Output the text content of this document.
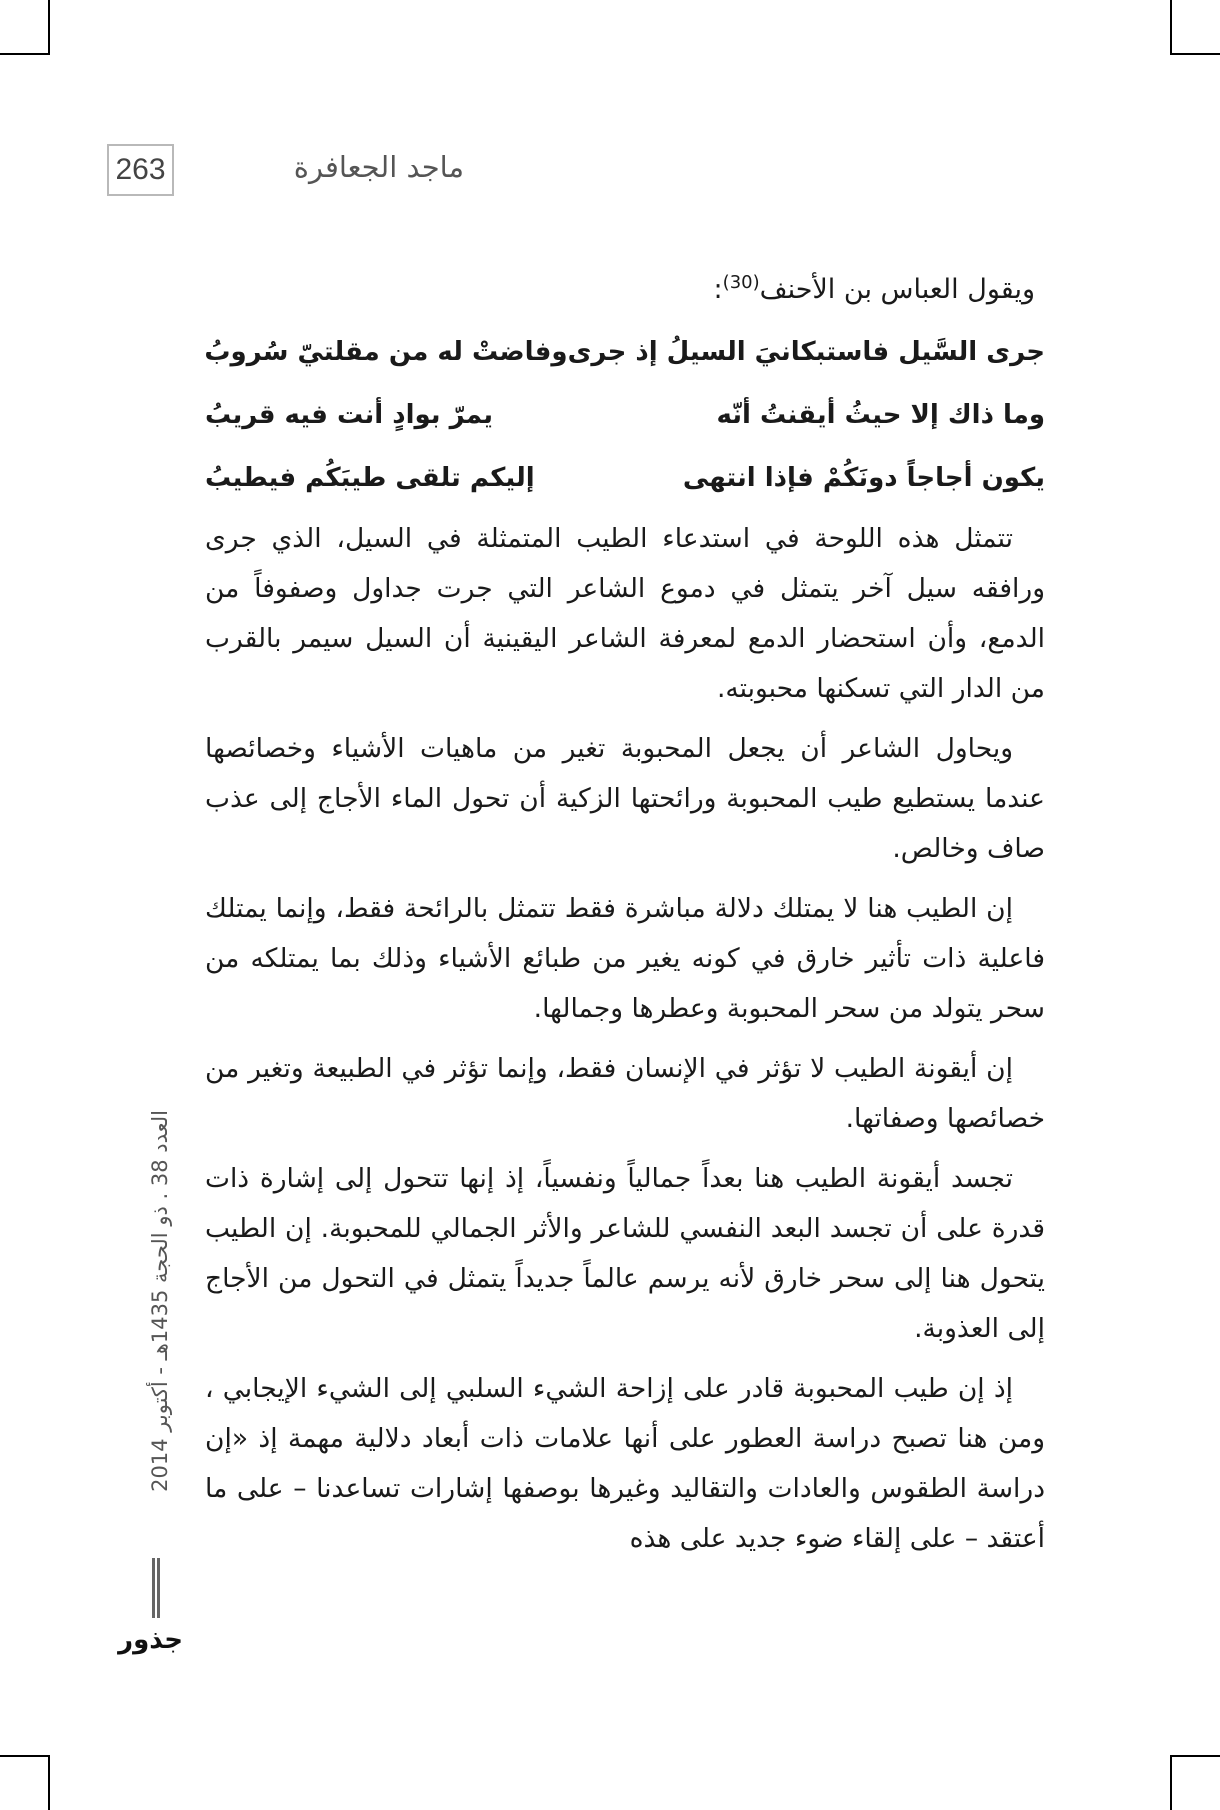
263	ماجد الجعافرة
ويقول العباس بن الأحنف$^{(30)}$:
جرى السَّيل فاستبكانيَ السيلُ إذ جرى
وفاضتْ له من مقلتيّ سُروبُ
وما ذاك إلا حيثُ أيقنتُ أنّه
يمرّ بوادٍ أنت فيه قريبُ
يكون أجاجاً دونَكُمْ فإذا انتهى
إليكم تلقى طيبَكُم فيطيبُ

تتمثل هذه اللوحة في استدعاء الطيب المتمثلة في السيل، الذي جرى ورافقه سيل آخر يتمثل في دموع الشاعر التي جرت جداول وصفوفاً من الدمع، وأن استحضار الدمع لمعرفة الشاعر اليقينية أن السيل سيمر بالقرب من الدار التي تسكنها محبوبته.

ويحاول الشاعر أن يجعل المحبوبة تغير من ماهيات الأشياء وخصائصها عندما يستطيع طيب المحبوبة ورائحتها الزكية أن تحول الماء الأجاج إلى عذب صاف وخالص.

إن الطيب هنا لا يمتلك دلالة مباشرة فقط تتمثل بالرائحة فقط، وإنما يمتلك فاعلية ذات تأثير خارق في كونه يغير من طبائع الأشياء وذلك بما يمتلكه من سحر يتولد من سحر المحبوبة وعطرها وجمالها.

إن أيقونة الطيب لا تؤثر في الإنسان فقط، وإنما تؤثر في الطبيعة وتغير من خصائصها وصفاتها.

تجسد أيقونة الطيب هنا بعداً جمالياً ونفسياً، إذ إنها تتحول إلى إشارة ذات قدرة على أن تجسد البعد النفسي للشاعر والأثر الجمالي للمحبوبة. إن الطيب يتحول هنا إلى سحر خارق لأنه يرسم عالماً جديداً يتمثل في التحول من الأجاج إلى العذوبة.

إذ إن طيب المحبوبة قادر على إزاحة الشيء السلبي إلى الشيء الإيجابي ، ومن هنا تصبح دراسة العطور على أنها علامات ذات أبعاد دلالية مهمة إذ «إن دراسة الطقوس والعادات والتقاليد وغيرها بوصفها إشارات تساعدنا – على ما أعتقد – على إلقاء ضوء جديد على هذه

العدد 38 . ذو الحجة 1435هـ - أكتوبر 2014
جذور
